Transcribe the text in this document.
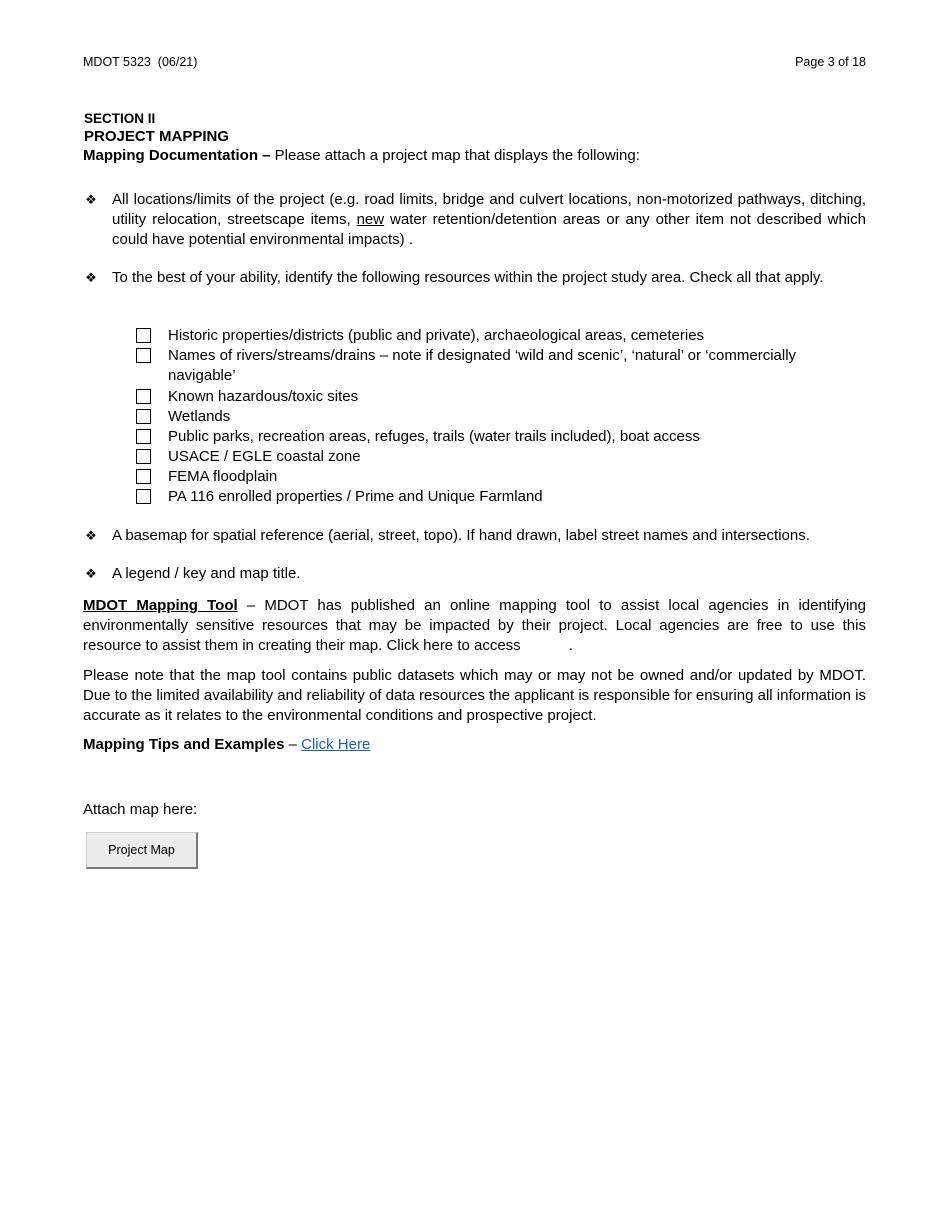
MDOT 5323  (06/21)	Page 3 of 18
SECTION II
PROJECT MAPPING
Mapping Documentation – Please attach a project map that displays the following:
❖ All locations/limits of the project (e.g. road limits, bridge and culvert locations, non-motorized pathways, ditching, utility relocation, streetscape items, new water retention/detention areas or any other item not described which could have potential environmental impacts) .
❖ To the best of your ability, identify the following resources within the project study area. Check all that apply.
Historic properties/districts (public and private), archaeological areas, cemeteries
Names of rivers/streams/drains – note if designated ‘wild and scenic’, ‘natural’ or ‘commercially navigable’
Known hazardous/toxic sites
Wetlands
Public parks, recreation areas, refuges, trails (water trails included), boat access
USACE / EGLE coastal zone
FEMA floodplain
PA 116 enrolled properties / Prime and Unique Farmland
❖ A basemap for spatial reference (aerial, street, topo). If hand drawn, label street names and intersections.
❖ A legend / key and map title.
MDOT Mapping Tool – MDOT has published an online mapping tool to assist local agencies in identifying environmentally sensitive resources that may be impacted by their project. Local agencies are free to use this resource to assist them in creating their map. Click here to access	.
Please note that the map tool contains public datasets which may or may not be owned and/or updated by MDOT. Due to the limited availability and reliability of data resources the applicant is responsible for ensuring all information is accurate as it relates to the environmental conditions and prospective project.
Mapping Tips and Examples – Click Here
Attach map here:
Project Map
